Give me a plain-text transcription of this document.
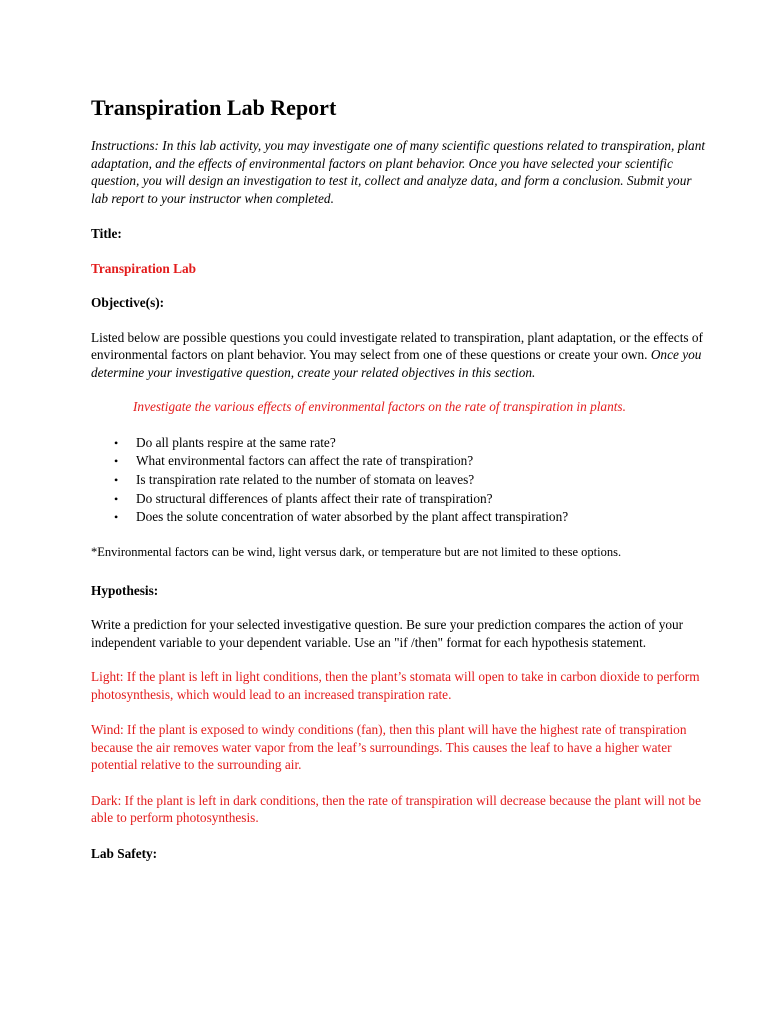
Transpiration Lab Report

Instructions: In this lab activity, you may investigate one of many scientific questions related to transpiration, plant adaptation, and the effects of environmental factors on plant behavior. Once you have selected your scientific question, you will design an investigation to test it, collect and analyze data, and form a conclusion. Submit your lab report to your instructor when completed.

Title:

Transpiration Lab

Objective(s):

Listed below are possible questions you could investigate related to transpiration, plant adaptation, or the effects of environmental factors on plant behavior. You may select from one of these questions or create your own. Once you determine your investigative question, create your related objectives in this section.

Investigate the various effects of environmental factors on the rate of transpiration in plants.

• Do all plants respire at the same rate?
• What environmental factors can affect the rate of transpiration?
• Is transpiration rate related to the number of stomata on leaves?
• Do structural differences of plants affect their rate of transpiration?
• Does the solute concentration of water absorbed by the plant affect transpiration?

*Environmental factors can be wind, light versus dark, or temperature but are not limited to these options.

Hypothesis:

Write a prediction for your selected investigative question. Be sure your prediction compares the action of your independent variable to your dependent variable. Use an "if /then" format for each hypothesis statement.

Light: If the plant is left in light conditions, then the plant’s stomata will open to take in carbon dioxide to perform photosynthesis, which would lead to an increased transpiration rate.

Wind: If the plant is exposed to windy conditions (fan), then this plant will have the highest rate of transpiration because the air removes water vapor from the leaf’s surroundings. This causes the leaf to have a higher water potential relative to the surrounding air.

Dark: If the plant is left in dark conditions, then the rate of transpiration will decrease because the plant will not be able to perform photosynthesis.

Lab Safety:
